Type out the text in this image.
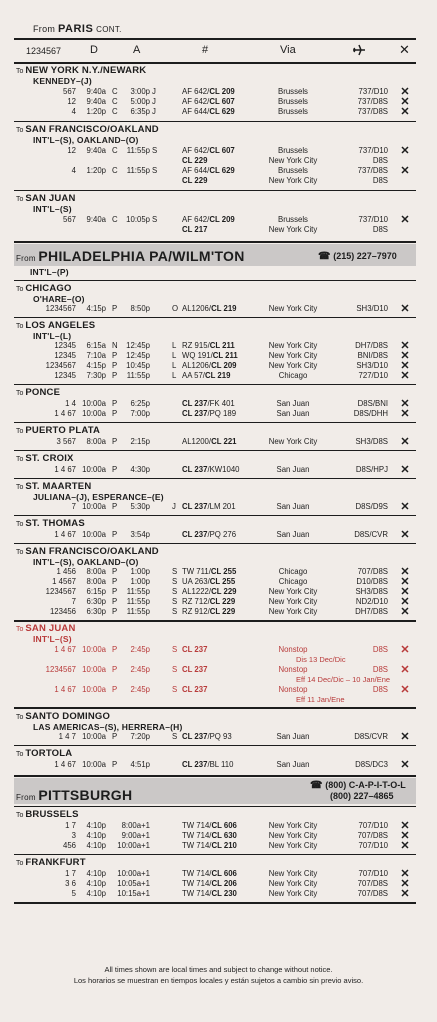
From PARIS CONT.
1234567	D	A	#	Via	✕
To NEW YORK N.Y./NEWARK
KENNEDY–(J)
567	9:40a C	3:00p J	AF 642/CL 209	Brussels	737/D10 ✕
12	9:40a C	5:00p J	AF 642/CL 607	Brussels	737/D8S ✕
4	1:20p C	6:35p J	AF 644/CL 629	Brussels	737/D8S ✕
To SAN FRANCISCO/OAKLAND
INT'L–(S), OAKLAND–(O)
12	9:40a C	11:55p S	AF 642/CL 607	Brussels	737/D10 ✕
CL 229	New York City	D8S
4	1:20p C	11:55p S	AF 644/CL 629	Brussels	737/D8S ✕
CL 229	New York City	D8S
To SAN JUAN
INT'L–(S)
567	9:40a C	10:05p S	AF 642/CL 209	Brussels	737/D10 ✕
CL 217	New York City	D8S
From PHILADELPHIA PA/WILM'TON	☎ (215) 227–7970
INT'L–(P)
To CHICAGO
O'HARE–(O)
1234567	4:15p P	8:50p	O AL1206/CL 219	New York City	SH3/D10 ✕
To LOS ANGELES
INT'L–(L)
12345	6:15a N	12:45p	L RZ 915/CL 211	New York City	DH7/D8S ✕
12345	7:10a P	12:45p	L WQ 191/CL 211	New York City	BNI/D8S ✕
1234567	4:15p P	10:45p	L AL1206/CL 209	New York City	SH3/D10 ✕
12345	7:30p P	11:55p	L AA 57/CL 219	Chicago	727/D10 ✕
To PONCE
1 4 10:00a P	6:25p	CL 237/FK 401	San Juan	D8S/BNI ✕
1 4 67 10:00a P	7:00p	CL 237/PQ 189	San Juan	D8S/DHH ✕
To PUERTO PLATA
3 567	8:00a P	2:15p	AL1200/CL 221	New York City	SH3/D8S ✕
To ST. CROIX
1 4 67 10:00a P	4:30p	CL 237/KW1040	San Juan	D8S/HPJ ✕
To ST. MAARTEN
JULIANA–(J), ESPERANCE–(E)
7 10:00a P	5:30p	J CL 237/LM 201	San Juan	D8S/D9S ✕
To ST. THOMAS
1 4 67 10:00a P	3:54p	CL 237/PQ 276	San Juan	D8S/CVR ✕
To SAN FRANCISCO/OAKLAND
INT'L–(S), OAKLAND–(O)
1 456	8:00a P	1:00p	S TW 711/CL 255	Chicago	707/D8S ✕
1 4567	8:00a P	1:00p	S UA 263/CL 255	Chicago	D10/D8S ✕
1234567	6:15p P	11:55p	S AL1222/CL 229	New York City	SH3/D8S ✕
7	6:30p P	11:55p	S RZ 712/CL 229	New York City	ND2/D10 ✕
123456	6:30p P	11:55p	S RZ 912/CL 229	New York City	DH7/D8S ✕
To SAN JUAN
INT'L–(S)
1 4 67 10:00a P	2:45p	S CL 237	Nonstop	D8S ✕
Dis 13 Dec/Dic
1234567 10:00a P	2:45p	S CL 237	Nonstop	D8S ✕
Eff 14 Dec/Dic – 10 Jan/Ene
1 4 67 10:00a P	2:45p	S CL 237	Nonstop	D8S ✕
Eff 11 Jan/Ene
To SANTO DOMINGO
LAS AMERICAS–(S), HERRERA–(H)
1 4 7 10:00a P	7:20p	S CL 237/PQ 93	San Juan	D8S/CVR ✕
To TORTOLA
1 4 67 10:00a P	4:51p	CL 237/BL 110	San Juan	D8S/DC3 ✕
From PITTSBURGH
☎ (800) C-A-P-I-T-O-L
(800) 227–4865
To BRUSSELS
1 7	4:10p	8:00a+1	TW 714/CL 606	New York City	707/D10 ✕
3	4:10p	9:00a+1	TW 714/CL 630	New York City	707/D8S ✕
456	4:10p	10:00a+1	TW 714/CL 210	New York City	707/D10 ✕
To FRANKFURT
1 7	4:10p	10:00a+1	TW 714/CL 606	New York City	707/D10 ✕
3 6	4:10p	10:05a+1	TW 714/CL 206	New York City	707/D8S ✕
5	4:10p	10:15a+1	TW 714/CL 230	New York City	707/D8S ✕
All times shown are local times and subject to change without notice.
Los horarios se muestran en tiempos locales y están sujetos a cambio sin previo aviso.
